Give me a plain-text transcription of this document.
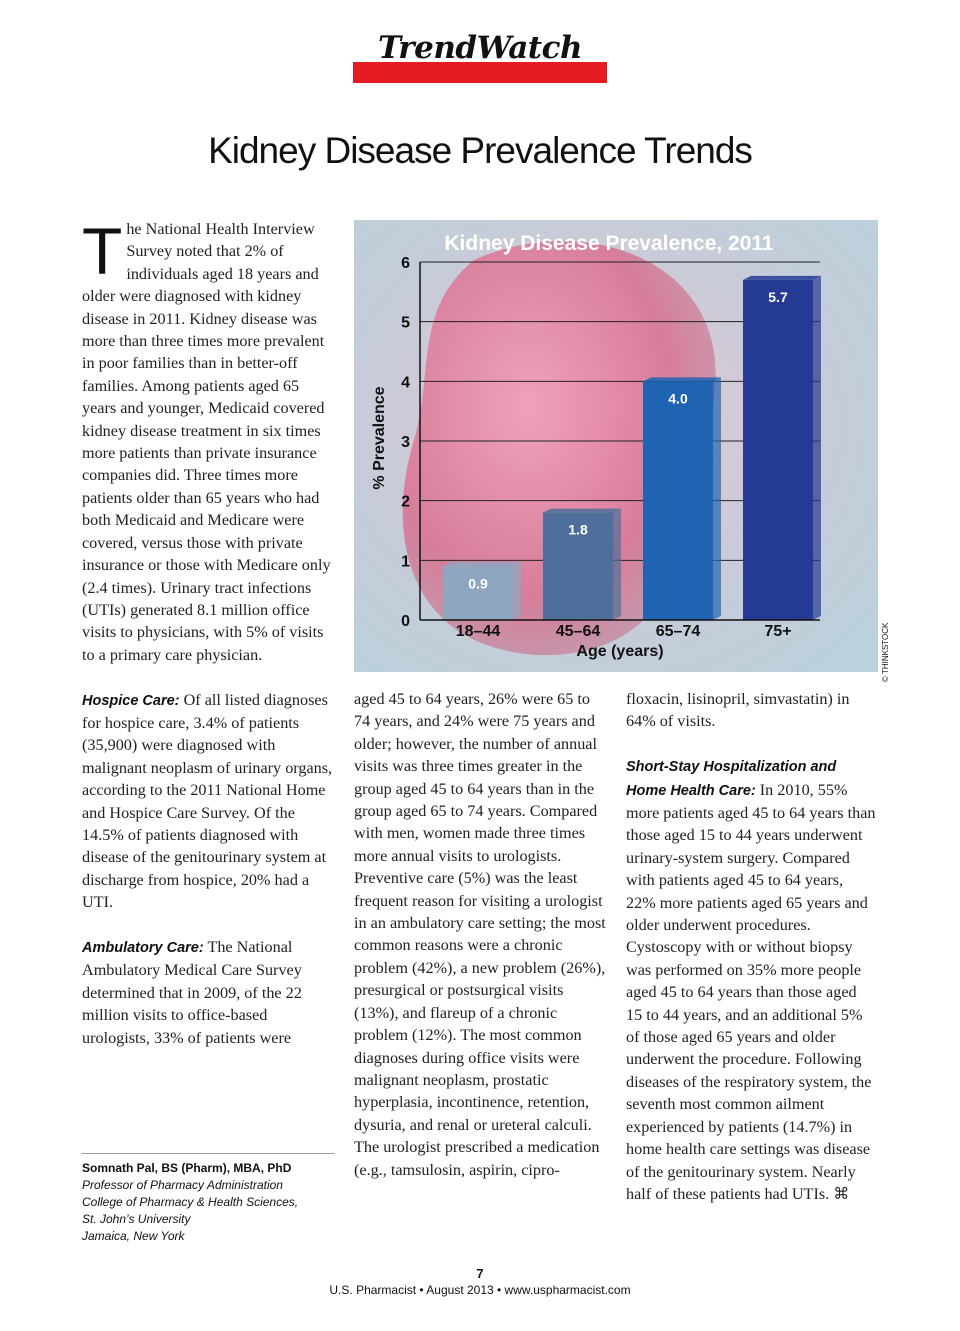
TrendWatch
Kidney Disease Prevalence Trends

The National Health Interview Survey noted that 2% of individuals aged 18 years and older were diagnosed with kidney disease in 2011. Kidney disease was more than three times more prevalent in poor families than in better-off families. Among patients aged 65 years and younger, Medicaid covered kidney disease treatment in six times more patients than private insurance companies did. Three times more patients older than 65 years who had both Medicaid and Medicare were covered, versus those with private insurance or those with Medicare only (2.4 times). Urinary tract infections (UTIs) generated 8.1 million office visits to physicians, with 5% of visits to a primary care physician.

Hospice Care: Of all listed diagnoses for hospice care, 3.4% of patients (35,900) were diagnosed with malignant neoplasm of urinary organs, according to the 2011 National Home and Hospice Care Survey. Of the 14.5% of patients diagnosed with disease of the genitourinary system at discharge from hospice, 20% had a UTI.

Ambulatory Care: The National Ambulatory Medical Care Survey determined that in 2009, of the 22 million visits to office-based urologists, 33% of patients were

Somnath Pal, BS (Pharm), MBA, PhD
Professor of Pharmacy Administration
College of Pharmacy & Health Sciences,
St. John’s University
Jamaica, New York
0
1
2
3
4
5
6
0.9
18–44
1.8
45–64
4.0
65–74
5.7
75+
Kidney Disease Prevalence, 2011
% Prevalence
Age (years)	© THINKSTOCK

aged 45 to 64 years, 26% were 65 to 74 years, and 24% were 75 years and older; however, the number of annual visits was three times greater in the group aged 45 to 64 years than in the group aged 65 to 74 years. Compared with men, women made three times more annual visits to urologists. Preventive care (5%) was the least frequent reason for visiting a urologist in an ambulatory care setting; the most common reasons were a chronic problem (42%), a new problem (26%), presurgical or postsurgical visits (13%), and flareup of a chronic problem (12%). The most common diagnoses during office visits were malignant neoplasm, prostatic hyperplasia, incontinence, retention, dysuria, and renal or ureteral calculi. The urologist prescribed a medication (e.g., tamsulosin, aspirin, cipro-

floxacin, lisinopril, simvastatin) in 64% of visits.

Short-Stay Hospitalization and Home Health Care: In 2010, 55% more patients aged 45 to 64 years than those aged 15 to 44 years underwent urinary-system surgery. Compared with patients aged 45 to 64 years, 22% more patients aged 65 years and older underwent procedures. Cystoscopy with or without biopsy was performed on 35% more people aged 45 to 64 years than those aged 15 to 44 years, and an additional 5% of those aged 65 years and older underwent the procedure. Following diseases of the respiratory system, the seventh most common ailment experienced by patients (14.7%) in home health care settings was disease of the genitourinary system. Nearly half of these patients had UTIs. ⌘

7
U.S. Pharmacist • August 2013 • www.uspharmacist.com
